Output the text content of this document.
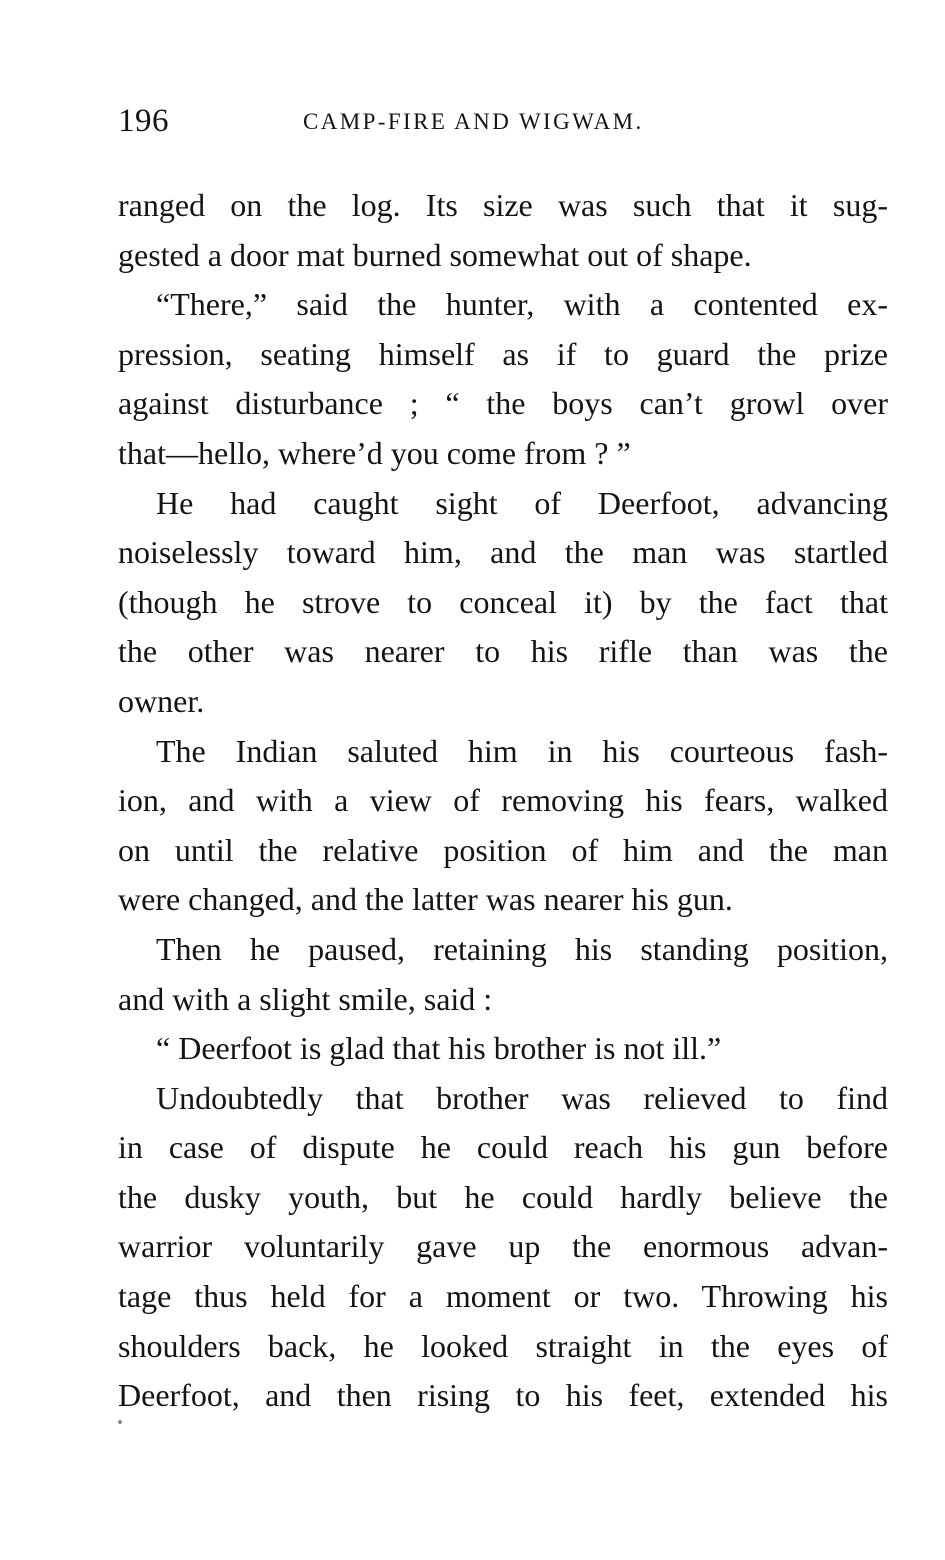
196	CAMP-FIRE AND WIGWAM.
ranged on the log. Its size was such that it sug-
gested a door mat burned somewhat out of shape.
“There,” said the hunter, with a contented ex-
pression, seating himself as if to guard the prize
against disturbance ; “ the boys can’t growl over
that—hello, where’d you come from ? ”
He had caught sight of Deerfoot, advancing
noiselessly toward him, and the man was startled
(though he strove to conceal it) by the fact that
the other was nearer to his rifle than was the
owner.
The Indian saluted him in his courteous fash-
ion, and with a view of removing his fears, walked
on until the relative position of him and the man
were changed, and the latter was nearer his gun.
Then he paused, retaining his standing position,
and with a slight smile, said :
“ Deerfoot is glad that his brother is not ill.”
Undoubtedly that brother was relieved to find
in case of dispute he could reach his gun before
the dusky youth, but he could hardly believe the
warrior voluntarily gave up the enormous advan-
tage thus held for a moment or two. Throwing his
shoulders back, he looked straight in the eyes of
Deerfoot, and then rising to his feet, extended his
